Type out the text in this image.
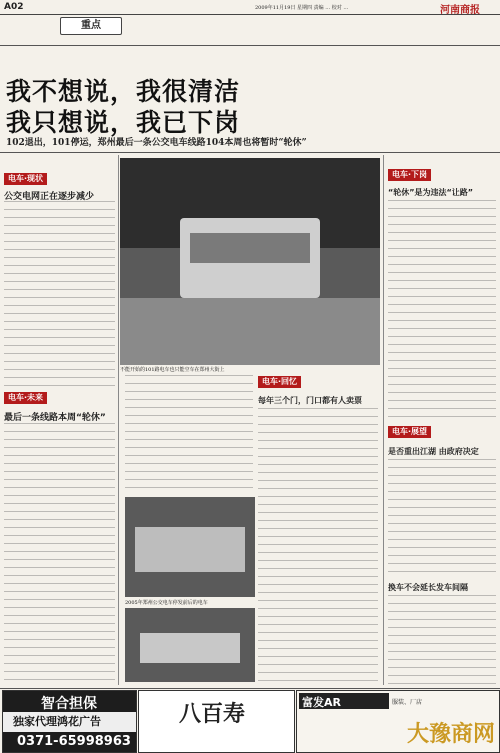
A02	2009年11月19日 星期四 责编 … 校对 …	河南商报
重点
我不想说，我很清洁
我只想说，我已下岗
102退出，101停运，郑州最后一条公交电车线路104本周也将暂时“轮休”
电车·现状
公交电网正在逐步减少
电车·未来
最后一条线路本周“轮休”
不能开始的101路电车也只能空车在郑州大街上
电车·回忆
每年三个门，门口都有人卖票
2005年郑州公交电车停发前后的电车
电车·下岗
“轮休”是为违法“让路”
电车·展望
是否重出江湖 由政府决定
换车不会延长发车间隔
智合担保
独家代理鸿花广告
0371-65998963
八百寿	富发AR	服装、厂店
大豫商网
